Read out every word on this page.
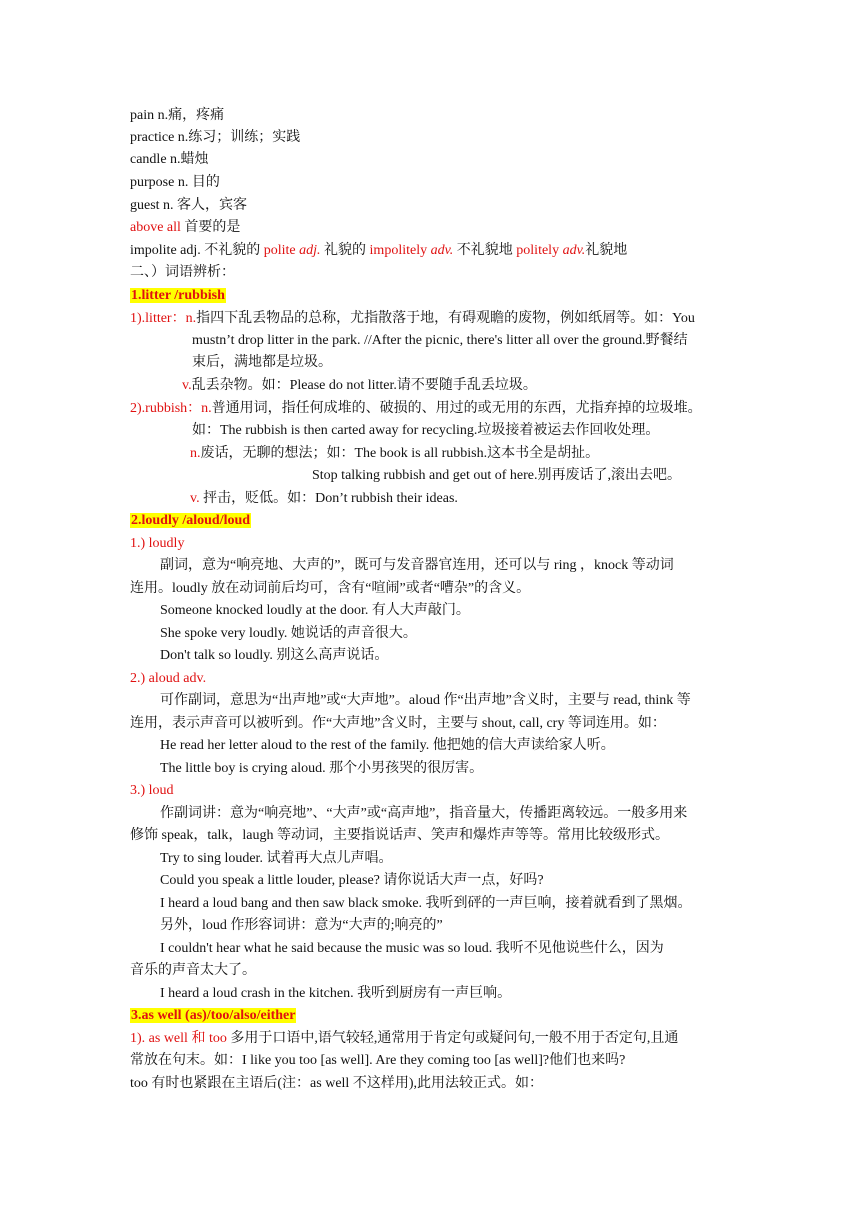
pain n.痛，疼痛
practice n.练习；训练；实践
candle n.蜡烛
purpose n. 目的
guest n. 客人，宾客
above all 首要的是
impolite adj. 不礼貌的 polite adj. 礼貌的 impolitely adv. 不礼貌地 politely adv.礼貌地
二、）词语辨析：
1.litter /rubbish
1).litter：n.指四下乱丢物品的总称，尤指散落于地，有碍观瞻的废物，例如纸屑等。如：You
mustn’t drop litter in the park. //After the picnic, there's litter all over the ground.野餐结
束后，满地都是垃圾。
v.乱丢杂物。如：Please do not litter.请不要随手乱丢垃圾。
2).rubbish：n.普通用词，指任何成堆的、破损的、用过的或无用的东西，尤指弃掉的垃圾堆。
如：The rubbish is then carted away for recycling.垃圾接着被运去作回收处理。
n.废话，无聊的想法；如：The book is all rubbish.这本书全是胡扯。
Stop talking rubbish and get out of here.别再废话了,滚出去吧。
v. 抨击，贬低。如：Don’t rubbish their ideas.
2.loudly /aloud/loud
1.) loudly
副词，意为“响亮地、大声的”，既可与发音器官连用，还可以与 ring ，knock 等动词
连用。loudly 放在动词前后均可，含有“喧闹”或者“嘈杂”的含义。
Someone knocked loudly at the door. 有人大声敲门。
She spoke very loudly. 她说话的声音很大。
Don't talk so loudly. 别这么高声说话。
2.) aloud adv.
可作副词，意思为“出声地”或“大声地”。aloud 作“出声地”含义时，主要与 read, think 等
连用，表示声音可以被听到。作“大声地”含义时，主要与 shout, call, cry 等词连用。如：
He read her letter aloud to the rest of the family. 他把她的信大声读给家人听。
The little boy is crying aloud. 那个小男孩哭的很厉害。
3.) loud
作副词讲：意为“响亮地”、“大声”或“高声地”，指音量大，传播距离较远。一般多用来
修饰 speak，talk，laugh 等动词，主要指说话声、笑声和爆炸声等等。常用比较级形式。
Try to sing louder. 试着再大点儿声唱。
Could you speak a little louder, please? 请你说话大声一点，好吗?
I heard a loud bang and then saw black smoke. 我听到砰的一声巨响，接着就看到了黑烟。
另外，loud 作形容词讲：意为“大声的;响亮的”
I couldn't hear what he said because the music was so loud. 我听不见他说些什么，因为
音乐的声音太大了。
I heard a loud crash in the kitchen. 我听到厨房有一声巨响。
3.as well (as)/too/also/either
1). as well 和 too 多用于口语中,语气较轻,通常用于肯定句或疑问句,一般不用于否定句,且通
常放在句末。如：I like you too [as well]. Are they coming too [as well]?他们也来吗?
too 有时也紧跟在主语后(注：as well 不这样用),此用法较正式。如：
